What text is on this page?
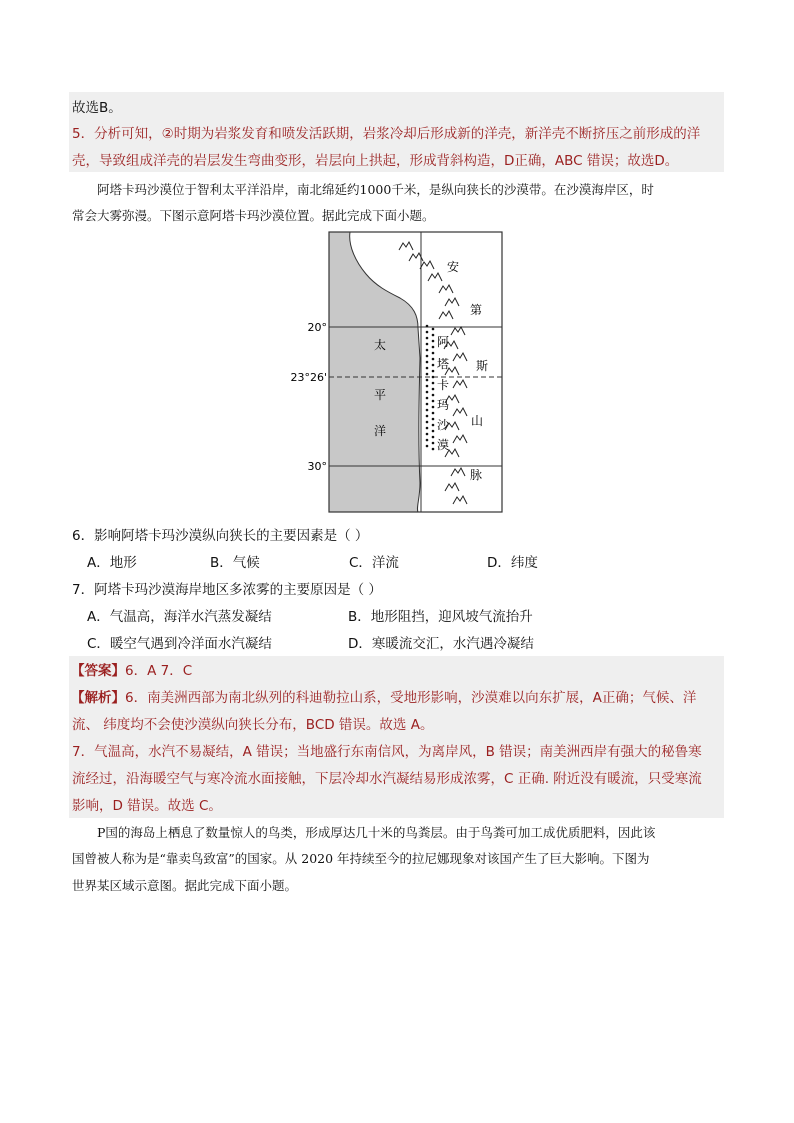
故选B。
5．分析可知，②时期为岩浆发育和喷发活跃期，岩浆冷却后形成新的洋壳，新洋壳不断挤压之前形成的洋
壳，导致组成洋壳的岩层发生弯曲变形，岩层向上拱起，形成背斜构造，D正确，ABC 错误；故选D。
阿塔卡玛沙漠位于智利太平洋沿岸，南北绵延约1000千米，是纵向狭长的沙漠带。在沙漠海岸区，时
常会大雾弥漫。下图示意阿塔卡玛沙漠位置。据此完成下面小题。
20°
23°26'
30°
太
平
洋
安
第
斯
山
脉
阿
塔
卡
玛
沙
漠
6．影响阿塔卡玛沙漠纵向狭长的主要因素是（ ）
A．地形	B．气候	C．洋流	D．纬度
7．阿塔卡玛沙漠海岸地区多浓雾的主要原因是（ ）
A．气温高，海洋水汽蒸发凝结	B．地形阻挡，迎风坡气流抬升
C．暖空气遇到冷洋面水汽凝结	D．寒暖流交汇，水汽遇冷凝结
【答案】6．A 7．C
【解析】6．南美洲西部为南北纵列的科迪勒拉山系，受地形影响，沙漠难以向东扩展，A正确；气候、洋
流、 纬度均不会使沙漠纵向狭长分布，BCD 错误。故选 A。
7．气温高，水汽不易凝结，A 错误；当地盛行东南信风，为离岸风，B 错误；南美洲西岸有强大的秘鲁寒
流经过，沿海暖空气与寒冷流水面接触，下层冷却水汽凝结易形成浓雾，C 正确. 附近没有暖流，只受寒流
影响，D 错误。故选 C。
P国的海岛上栖息了数量惊人的鸟类，形成厚达几十米的鸟粪层。由于鸟粪可加工成优质肥料，因此该
国曾被人称为是“靠卖鸟致富”的国家。从 2020 年持续至今的拉尼娜现象对该国产生了巨大影响。下图为
世界某区域示意图。据此完成下面小题。
